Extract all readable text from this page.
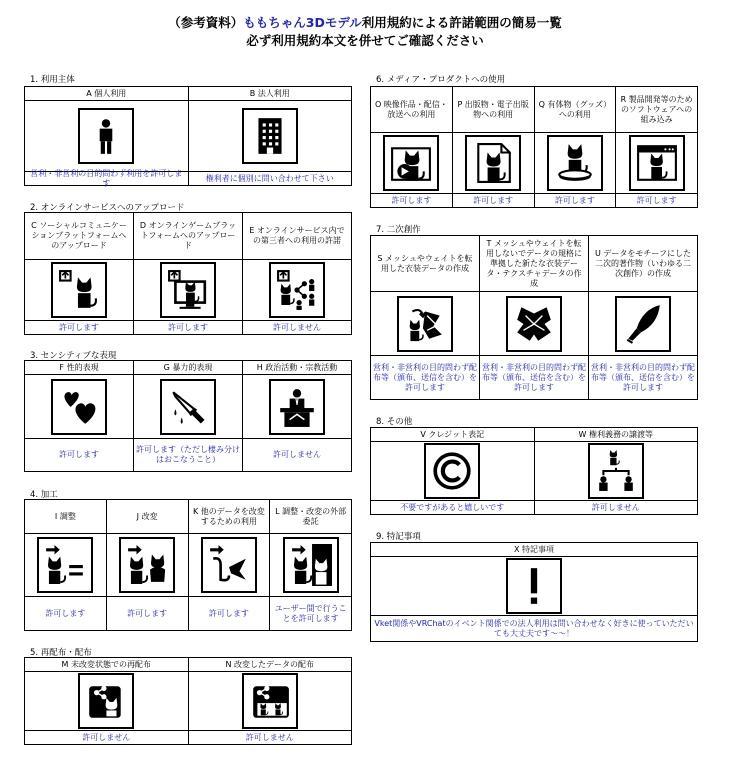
（参考資料）ももちゃん3Dモデル利用規約による許諾範囲の簡易一覧
必ず利用規約本文を併せてご確認ください
1. 利用主体
A 個人利用
営利・非営利の目的問わず利用を許可します
B 法人利用
権利者に個別に問い合わせて下さい
2. オンラインサービスへのアップロード
C ソーシャルコミュニケーションプラットフォームへのアップロード
許可します
D オンラインゲームプラットフォームへのアップロード
許可します
E オンラインサービス内での第三者への利用の許諾
許可しません
3. センシティブな表現
F 性的表現
許可します
G 暴力的表現
許可します（ただし棲み分けはおこなうこと）
H 政治活動・宗教活動
許可しません
4. 加工
I 調整
許可します
J 改変
許可します
K 他のデータを改変するための利用
許可します
L 調整・改変の外部委託
ユーザー間で行うことを許可します
5. 再配布・配布
M 未改変状態での再配布
許可しません
N 改変したデータの配布
許可しません
6. メディア・プロダクトへの使用
O 映像作品・配信・放送への利用
許可します
P 出版物・電子出版物への利用
許可します
Q 有体物（グッズ）への利用
許可します
R 製品開発等のためのソフトウェアへの組み込み
許可します
7. 二次創作
S メッシュやウェイトを転用した衣装データの作成
営利・非営利の目的問わず配布等（頒布、送信を含む）を許可します
T メッシュやウェイトを転用しないでデータの規格に準拠した新たな衣装データ・テクスチャデータの作成
営利・非営利の目的問わず配布等（頒布、送信を含む）を許可します
U データをモチーフにした二次的著作物（いわゆる二次創作）の作成
営利・非営利の目的問わず配布等（頒布、送信を含む）を許可します
8. その他
V クレジット表記
不要ですがあると嬉しいです
W 権利義務の譲渡等
許可しません
9. 特記事項
X 特記事項
Vket関係やVRChatのイベント関係での法人利用は問い合わせなく好きに使っていただいても大丈夫です～～！
